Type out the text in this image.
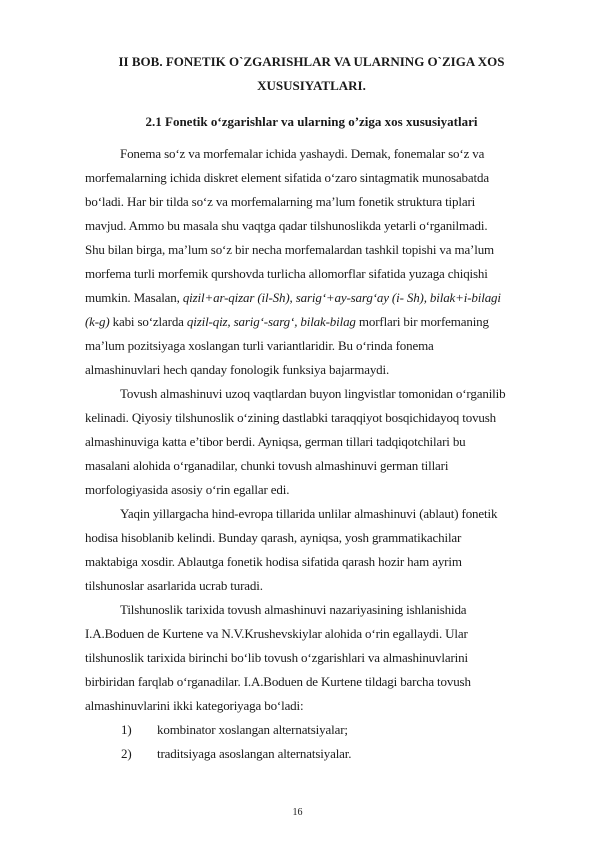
II BOB. FONETIK O`ZGARISHLAR VA ULARNING O`ZIGA XOS
XUSUSIYATLARI.
2.1 Fonetik o‘zgarishlar va ularning o’ziga xos xususiyatlari
Fonema so‘z va morfemalar ichida yashaydi. Demak, fonemalar so‘z va
morfemalarning ichida diskret element sifatida o‘zaro sintagmatik munosabatda
bo‘ladi. Har bir tilda so‘z va morfemalarning ma’lum fonetik struktura tiplari
mavjud. Ammo bu masala shu vaqtga qadar tilshunoslikda yetarli o‘rganilmadi.
Shu bilan birga, ma’lum so‘z bir necha morfemalardan tashkil topishi va ma’lum
morfema turli morfemik qurshovda turlicha allomorflar sifatida yuzaga chiqishi
mumkin. Masalan, qizil+ar-qizar (il-Sh), sarig‘+ay-sarg‘ay (i- Sh), bilak+i-bilagi
(k-g) kabi so‘zlarda qizil-qiz, sarig‘-sarg‘, bilak-bilag morflari bir morfemaning
ma’lum pozitsiyaga xoslangan turli variantlaridir. Bu o‘rinda fonema
almashinuvlari hech qanday fonologik funksiya bajarmaydi.
Tovush almashinuvi uzoq vaqtlardan buyon lingvistlar tomonidan o‘rganilib
kelinadi. Qiyosiy tilshunoslik o‘zining dastlabki taraqqiyot bosqichidayoq tovush
almashinuviga katta e’tibor berdi. Ayniqsa, german tillari tadqiqotchilari bu
masalani alohida o‘rganadilar, chunki tovush almashinuvi german tillari
morfologiyasida asosiy o‘rin egallar edi.
Yaqin yillargacha hind-evropa tillarida unlilar almashinuvi (ablaut) fonetik
hodisa hisoblanib kelindi. Bunday qarash, ayniqsa, yosh grammatikachilar
maktabiga xosdir. Ablautga fonetik hodisa sifatida qarash hozir ham ayrim
tilshunoslar asarlarida ucrab turadi.
Tilshunoslik tarixida tovush almashinuvi nazariyasining ishlanishida
I.A.Boduen de Kurtene va N.V.Krushevskiylar alohida o‘rin egallaydi. Ular
tilshunoslik tarixida birinchi bo‘lib tovush o‘zgarishlari va almashinuvlarini
birbiridan farqlab o‘rganadilar. I.A.Boduen de Kurtene tildagi barcha tovush
almashinuvlarini ikki kategoriyaga bo‘ladi:
1) kombinator xoslangan alternatsiyalar;
2) traditsiyaga asoslangan alternatsiyalar.
16
